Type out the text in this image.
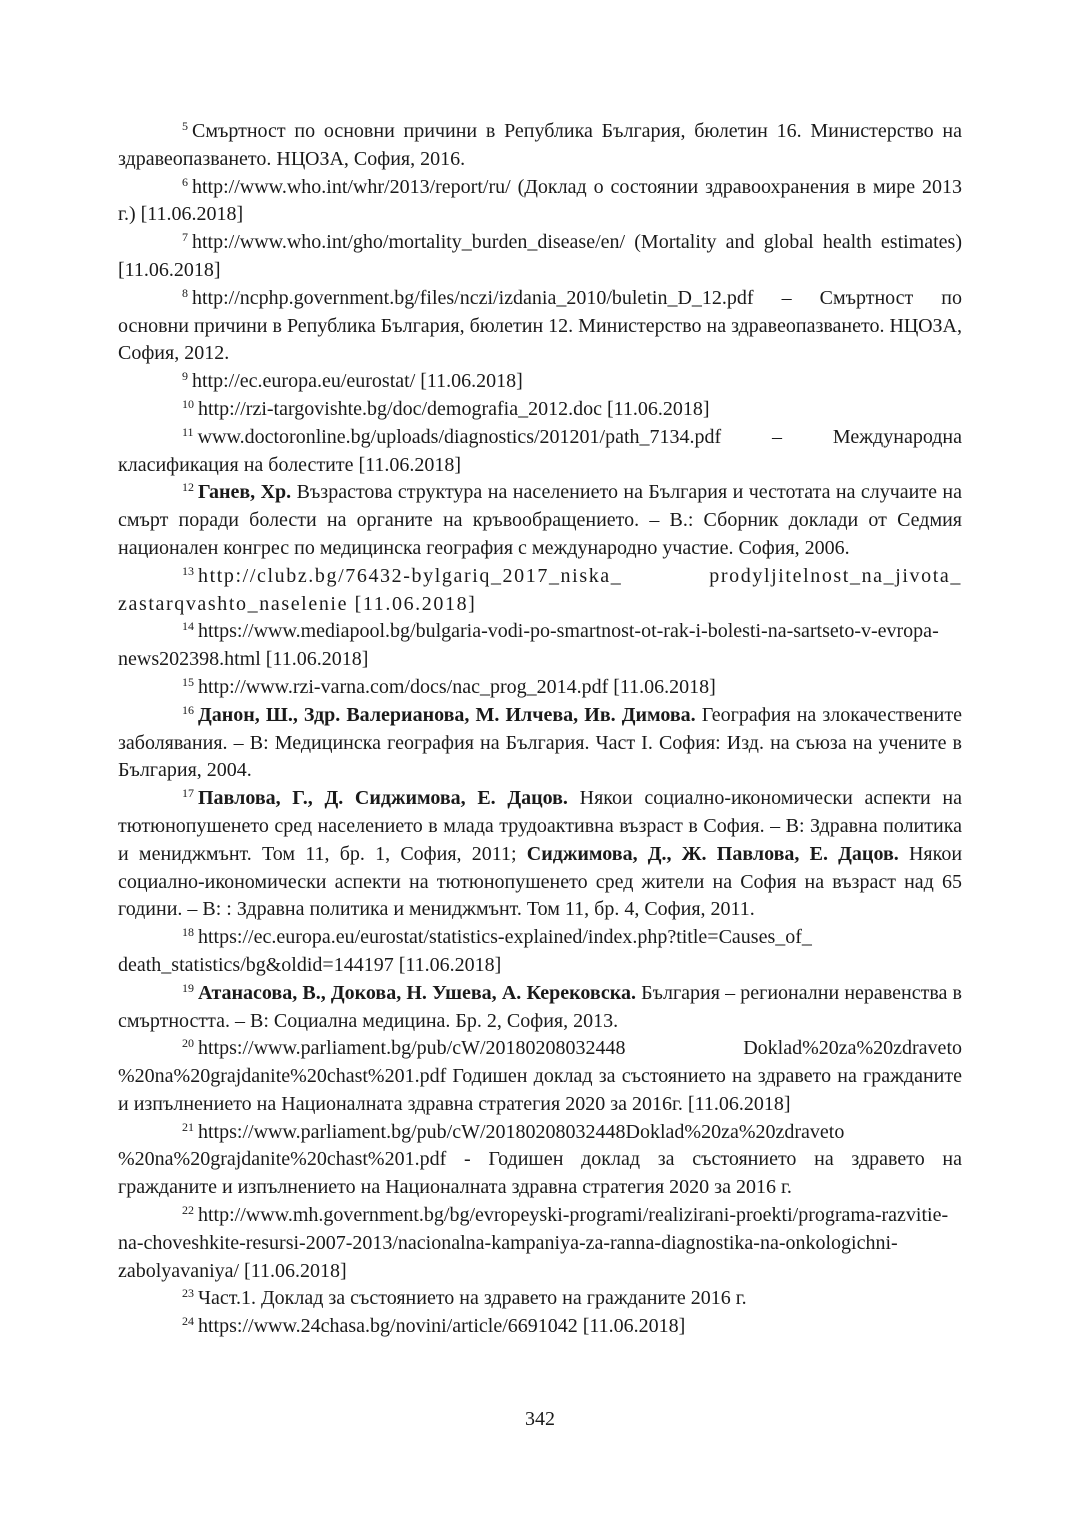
$^5$ Смъртност по основни причини в Република България, бюлетин 16. Министерство на здравеопазването. НЦОЗА, София, 2016.

$^6$ http://www.who.int/whr/2013/report/ru/ (Доклад о состоянии здравоохранения в мире 2013 г.) [11.06.2018]

$^7$ http://www.who.int/gho/mortality_burden_disease/en/ (Mortality and global health estimates) [11.06.2018]

$^8$ http://ncphp.government.bg/files/nczi/izdania_2010/buletin_D_12.pdf – Смъртност по основни причини в Република България, бюлетин 12. Министерство на здравеопазването. НЦОЗА, София, 2012.

$^9$ http://ec.europa.eu/eurostat/ [11.06.2018]

$^{10}$ http://rzi-targovishte.bg/doc/demografia_2012.doc [11.06.2018]

$^{11}$ www.doctoronline.bg/uploads/diagnostics/201201/path_7134.pdf – Международна класификация на болестите [11.06.2018]

$^{12}$ Ганев, Хр. Възрастова структура на населението на България и честотата на случаите на смърт поради болести на органите на кръвообращението. – В.: Сборник доклади от Седмия национален конгрес по медицинска география с международно участие. София, 2006.

$^{13}$ http://clubz.bg/76432-bylgariq_2017_niska_ prodyljitelnost_na_jivota_ zastarqvashto_naselenie [11.06.2018]

$^{14}$ https://www.mediapool.bg/bulgaria-vodi-po-smartnost-ot-rak-i-bolesti-na-sartseto-v-evropa-news202398.html [11.06.2018]

$^{15}$ http://www.rzi-varna.com/docs/nac_prog_2014.pdf [11.06.2018]

$^{16}$ Данон, Ш., Здр. Валерианова, М. Илчева, Ив. Димова. География на злокачествените заболявания. – В: Медицинска география на България. Част I. София: Изд. на съюза на учените в България, 2004.

$^{17}$ Павлова, Г., Д. Сиджимова, Е. Дацов. Някои социално-икономически аспекти на тютюнопушенето сред населението в млада трудоактивна възраст в София. – В: Здравна политика и мениджмънт. Том 11, бр. 1, София, 2011; Сиджимова, Д., Ж. Павлова, Е. Дацов. Някои социално-икономически аспекти на тютюнопушенето сред жители на София на възраст над 65 години. – В: : Здравна политика и мениджмънт. Том 11, бр. 4, София, 2011.

$^{18}$ https://ec.europa.eu/eurostat/statistics-explained/index.php?title=Causes_of_ death_statistics/bg&oldid=144197 [11.06.2018]

$^{19}$ Атанасова, В., Докова, Н. Ушева, А. Керековска. България – регионални неравенства в смъртността. – В: Социална медицина. Бр. 2, София, 2013.

$^{20}$ https://www.parliament.bg/pub/cW/20180208032448 Doklad%20za%20zdraveto %20na%20grajdanite%20chast%201.pdf Годишен доклад за състоянието на здравето на гражданите и изпълнението на Националната здравна стратегия 2020 за 2016г. [11.06.2018]

$^{21}$ https://www.parliament.bg/pub/cW/20180208032448Doklad%20za%20zdraveto %20na%20grajdanite%20chast%201.pdf - Годишен доклад за състоянието на здравето на гражданите и изпълнението на Националната здравна стратегия 2020 за 2016 г.

$^{22}$ http://www.mh.government.bg/bg/evropeyski-programi/realizirani-proekti/programa-razvitie-na-choveshkite-resursi-2007-2013/nacionalna-kampaniya-za-ranna-diagnostika-na-onkologichni-zabolyavaniya/ [11.06.2018]

$^{23}$ Част.1. Доклад за състоянието на здравето на гражданите 2016 г.

$^{24}$ https://www.24chasa.bg/novini/article/6691042 [11.06.2018]

342
